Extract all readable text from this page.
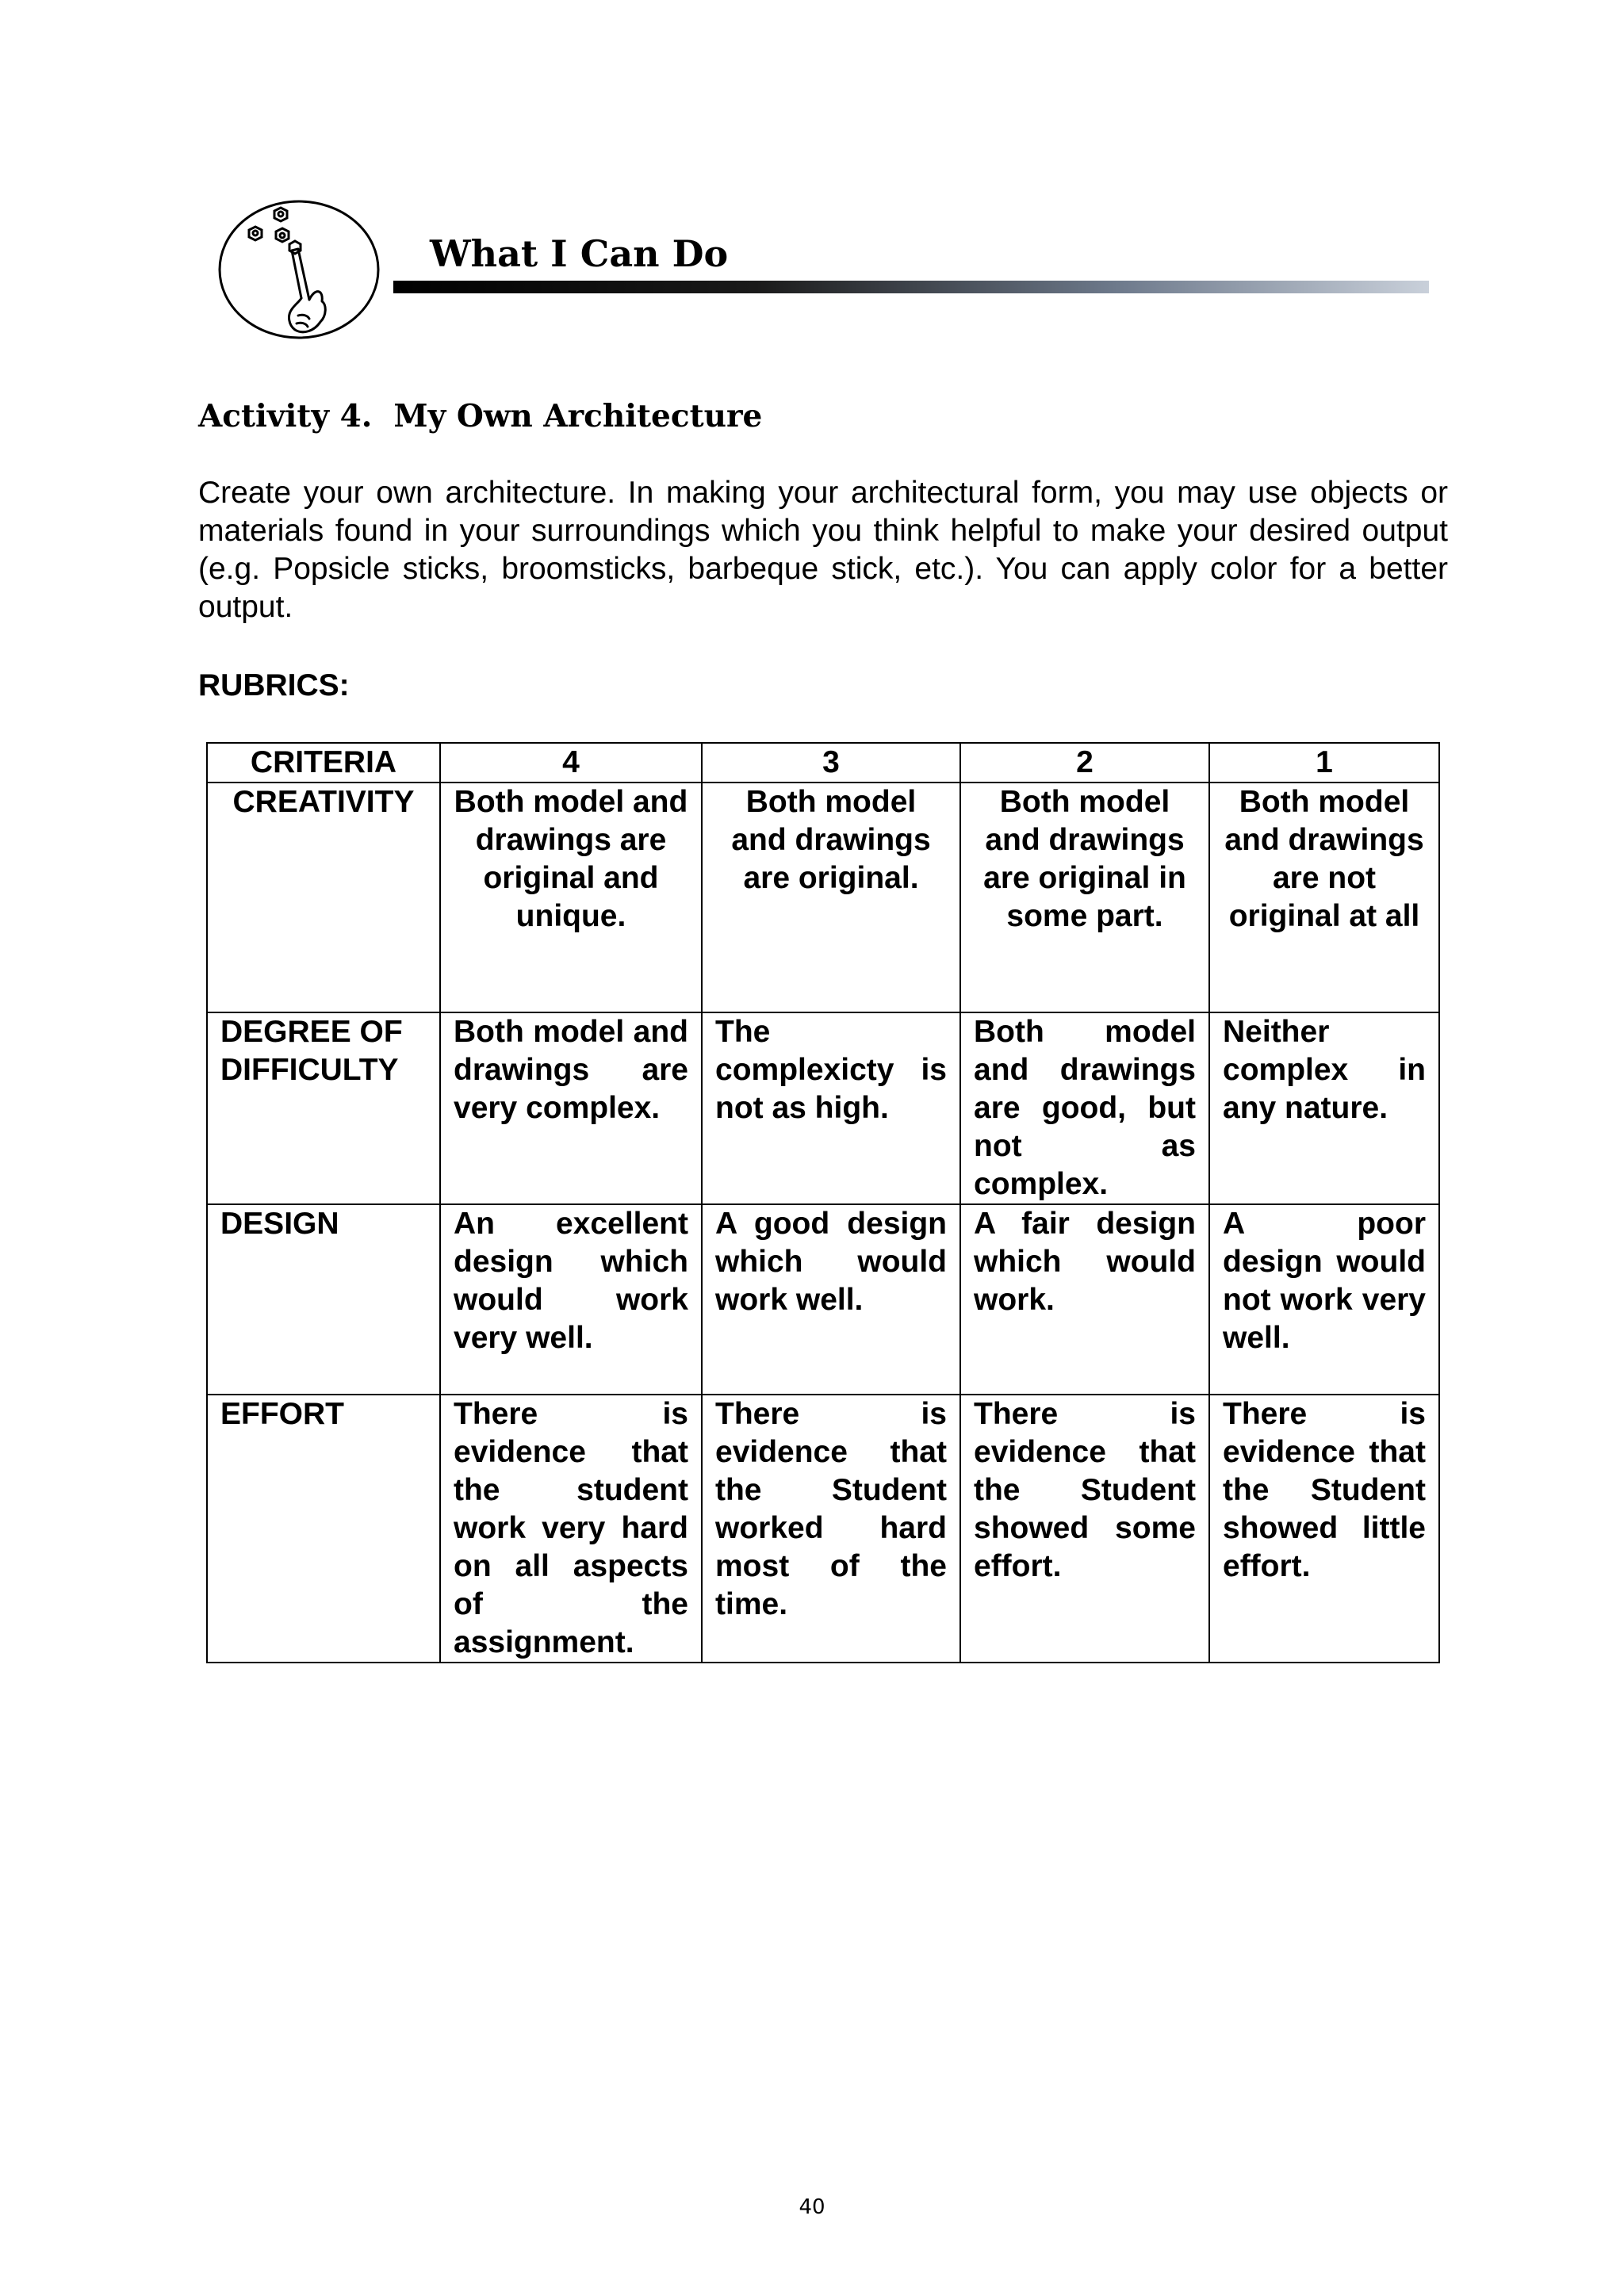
What I Can Do
Activity 4.  My Own Architecture

Create your own architecture. In making your architectural form, you may use objects or materials found in your surroundings which you think helpful to make your desired output (e.g. Popsicle sticks, broomsticks, barbeque stick, etc.). You can apply color for a better output.

RUBRICS:
CRITERIA	4	3	2	1
CREATIVITY	Both model and drawings are original and unique.	Both model and drawings are original.	Both model and drawings are original in some part.	Both model and drawings are not original at all
DEGREE OF DIFFICULTY	Both model and drawings are very complex.	The complexicty is not as high.	Both model and drawings are good, but not as complex.	Neither complex in any nature.
DESIGN	An excellent design which would work very well.	A good design which would work well.	A fair design which would work.	A poor design would not work very well.
EFFORT	There is evidence that the student work very hard on all aspects of the assignment.	There is evidence that the Student worked hard most of the time.	There is evidence that the Student showed some effort.	There is evidence that the Student showed little effort.
40
